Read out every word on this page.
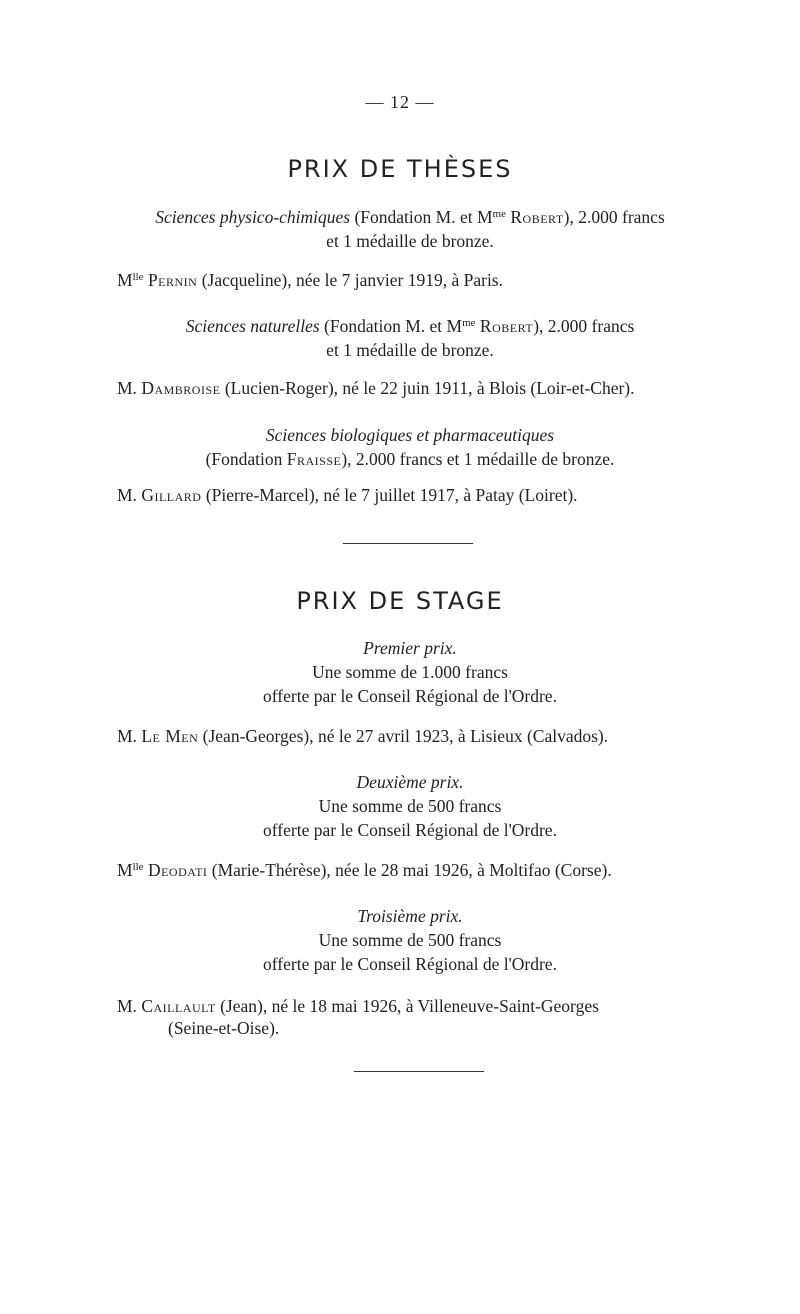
— 12 —
PRIX DE THÈSES
Sciences physico-chimiques (Fondation M. et $M^{me}$ Robert), 2.000 francs
et 1 médaille de bronze.
$M^{lle}$ Pernin (Jacqueline), née le 7 janvier 1919, à Paris.
Sciences naturelles (Fondation M. et $M^{me}$ Robert), 2.000 francs
et 1 médaille de bronze.
M. Dambroise (Lucien-Roger), né le 22 juin 1911, à Blois (Loir-et-Cher).
Sciences biologiques et pharmaceutiques
(Fondation Fraisse), 2.000 francs et 1 médaille de bronze.
M. Gillard (Pierre-Marcel), né le 7 juillet 1917, à Patay (Loiret).
PRIX DE STAGE
Premier prix.
Une somme de 1.000 francs
offerte par le Conseil Régional de l'Ordre.
M. Le Men (Jean-Georges), né le 27 avril 1923, à Lisieux (Calvados).
Deuxième prix.
Une somme de 500 francs
offerte par le Conseil Régional de l'Ordre.
$M^{lle}$ Deodati (Marie-Thérèse), née le 28 mai 1926, à Moltifao (Corse).
Troisième prix.
Une somme de 500 francs
offerte par le Conseil Régional de l'Ordre.
M. Caillault (Jean), né le 18 mai 1926, à Villeneuve-Saint-Georges
(Seine-et-Oise).
